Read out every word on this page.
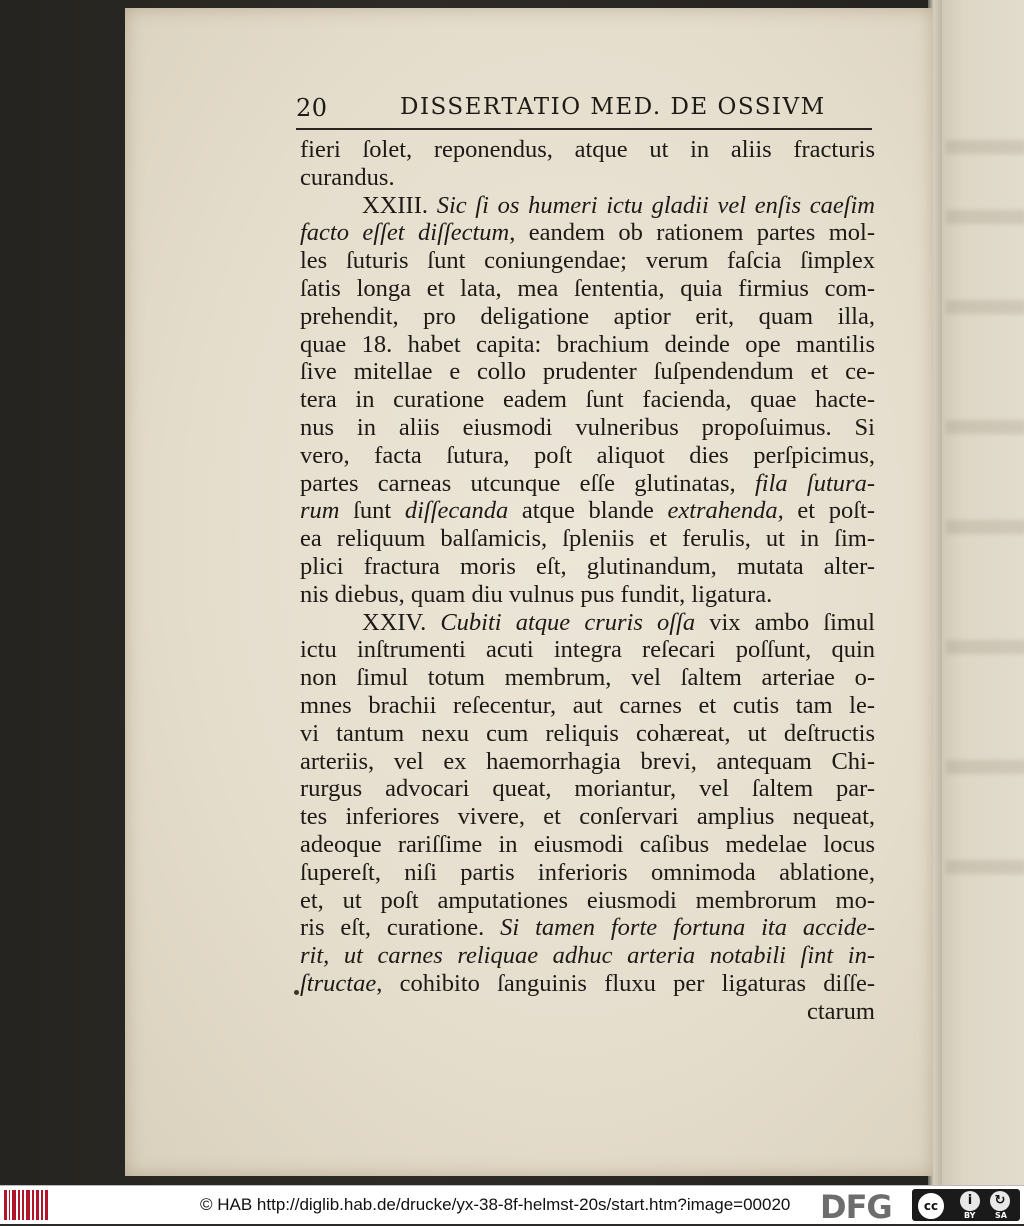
20	DISSERTATIO MED. DE OSSIVM
fieri ſolet, reponendus, atque ut in aliis fracturis
curandus.
XXIII. Sic ſi os humeri ictu gladii vel enſis caeſim
facto eſſet diſſectum, eandem ob rationem partes mol-
les ſuturis ſunt coniungendae; verum faſcia ſimplex
ſatis longa et lata, mea ſententia, quia firmius com-
prehendit, pro deligatione aptior erit, quam illa,
quae 18. habet capita: brachium deinde ope mantilis
ſive mitellae e collo prudenter ſuſpendendum et ce-
tera in curatione eadem ſunt facienda, quae hacte-
nus in aliis eiusmodi vulneribus propoſuimus. Si
vero, facta ſutura, poſt aliquot dies perſpicimus,
partes carneas utcunque eſſe glutinatas, fila ſutura-
rum ſunt diſſecanda atque blande extrahenda, et poſt-
ea reliquum balſamicis, ſpleniis et ferulis, ut in ſim-
plici fractura moris eſt, glutinandum, mutata alter-
nis diebus, quam diu vulnus pus fundit, ligatura.
XXIV. Cubiti atque cruris oſſa vix ambo ſimul
ictu inſtrumenti acuti integra reſecari poſſunt, quin
non ſimul totum membrum, vel ſaltem arteriae o-
mnes brachii reſecentur, aut carnes et cutis tam le-
vi tantum nexu cum reliquis cohæreat, ut deſtructis
arteriis, vel ex haemorrhagia brevi, antequam Chi-
rurgus advocari queat, moriantur, vel ſaltem par-
tes inferiores vivere, et conſervari amplius nequeat,
adeoque rariſſime in eiusmodi caſibus medelae locus
ſupereſt, niſi partis inferioris omnimoda ablatione,
et, ut poſt amputationes eiusmodi membrorum mo-
ris eſt, curatione. Si tamen forte fortuna ita accide-
rit, ut carnes reliquae adhuc arteria notabili ſint in-
ſtructae, cohibito ſanguinis fluxu per ligaturas diſſe-
ctarum
© HAB http://diglib.hab.de/drucke/yx-38-8f-helmst-20s/start.htm?image=00020 DFG	cc	i	↻
BY SA
